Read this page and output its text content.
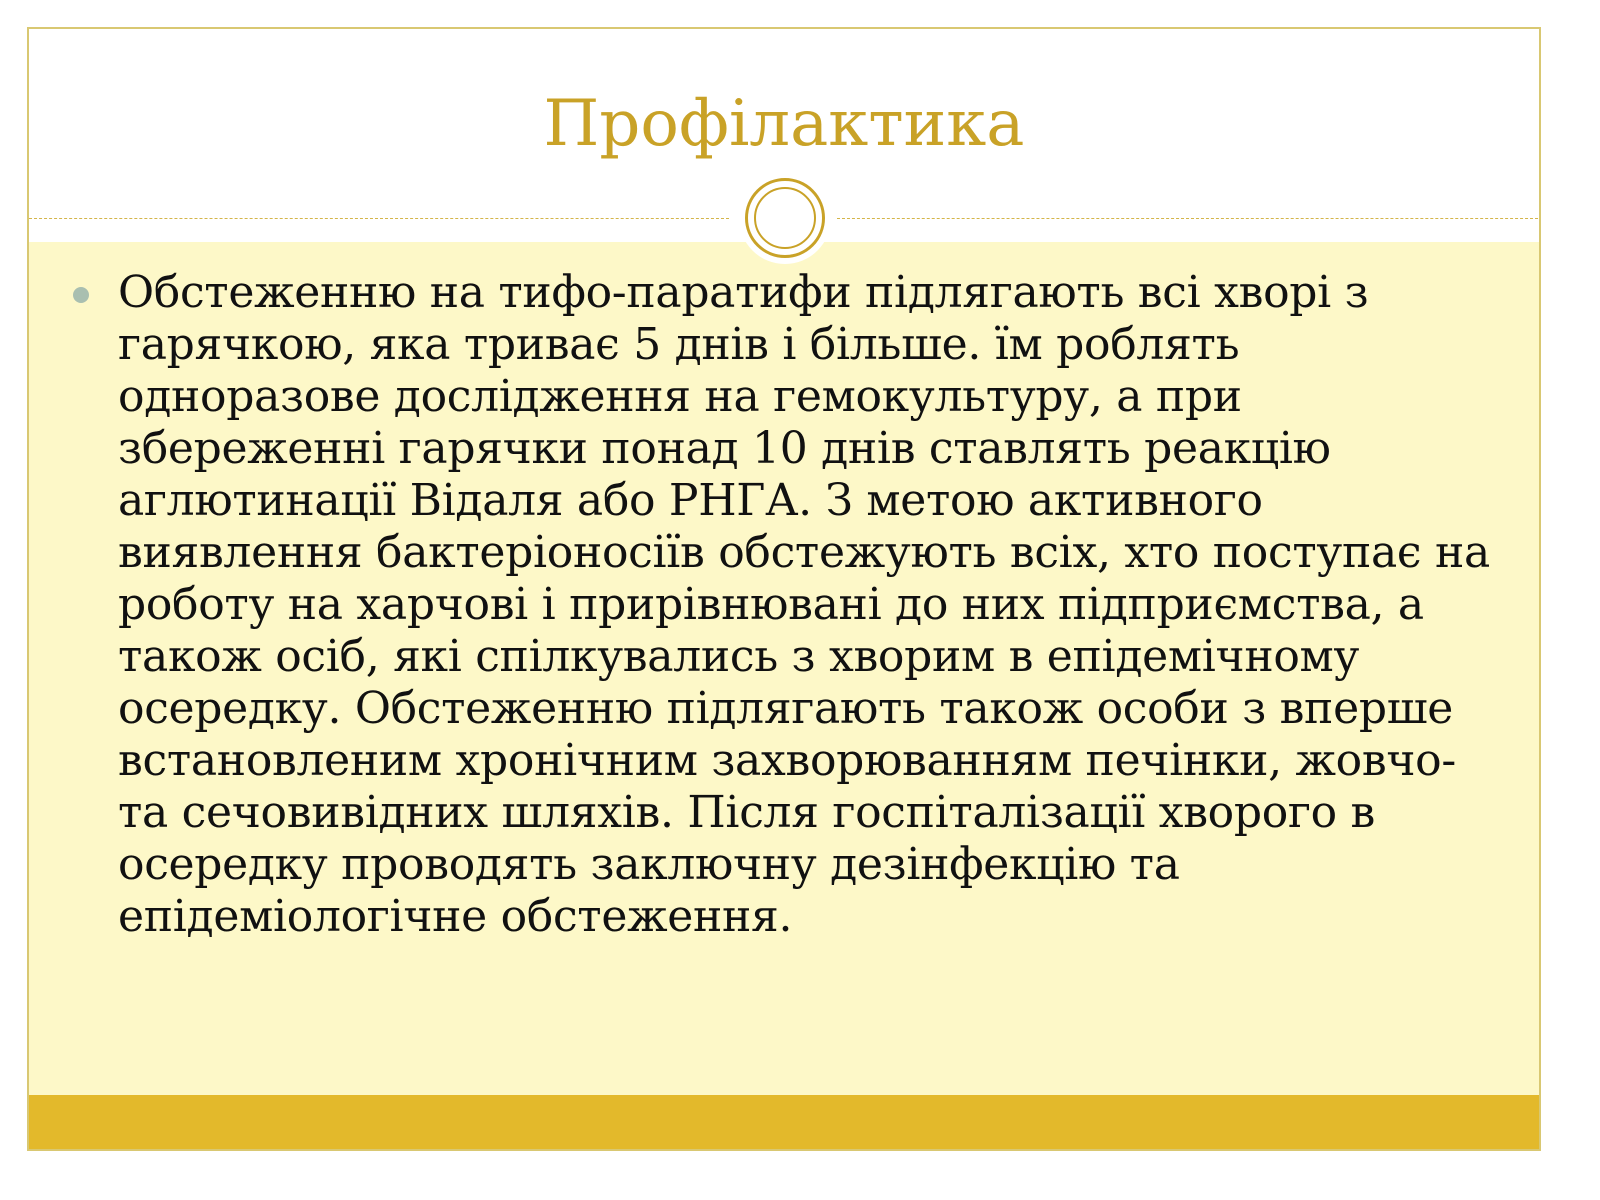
Профілактика
Обстеженню на тифо-паратифи підлягають всі хворі з гарячкою, яка триває 5 днів і більше. їм роблять одноразове дослідження на гемокультуру, а при збереженні гарячки понад 10 днів ставлять реакцію аглютинації Відаля або РНГА. З метою активного виявлення бактеріоносіїв обстежують всіх, хто поступає на роботу на харчові і прирівнювані до них підприємства, а також осіб, які спілкувались з хворим в епідемічному осередку. Обстеженню підлягають також особи з вперше встановленим хронічним захворюванням печінки, жовчо- та сечовивідних шляхів. Після госпіталізації хворого в осередку проводять заключну дезінфекцію та епідеміологічне обстеження.
